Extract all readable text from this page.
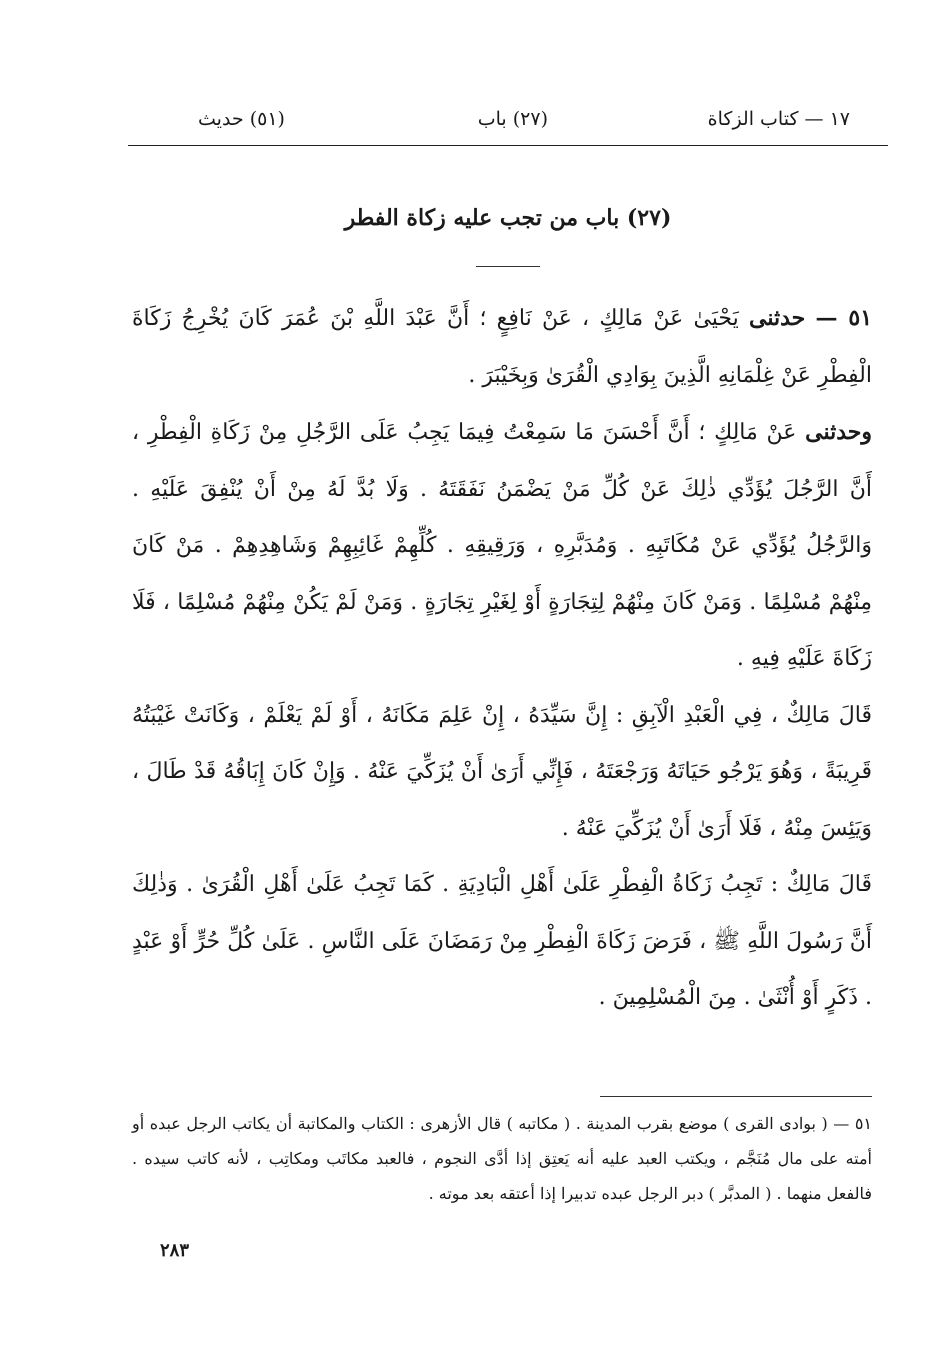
١٧ — كتاب الزكاة
(٢٧) باب
(٥١) حديث
(٢٧) باب من تجب عليه زكاة الفطر

٥١ — حدثنى يَحْيَىٰ عَنْ مَالِكٍ ، عَنْ نَافِعٍ ؛ أَنَّ عَبْدَ اللَّهِ بْنَ عُمَرَ كَانَ يُخْرِجُ زَكَاةَ الْفِطْرِ عَنْ غِلْمَانِهِ الَّذِينَ بِوَادِي الْقُرَىٰ وَبِخَيْبَرَ .

وحدثنى عَنْ مَالِكٍ ؛ أَنَّ أَحْسَنَ مَا سَمِعْتُ فِيمَا يَجِبُ عَلَى الرَّجُلِ مِنْ زَكَاةِ الْفِطْرِ ، أَنَّ الرَّجُلَ يُؤَدِّي ذٰلِكَ عَنْ كُلِّ مَنْ يَضْمَنُ نَفَقَتَهُ . وَلَا بُدَّ لَهُ مِنْ أَنْ يُنْفِقَ عَلَيْهِ . وَالرَّجُلُ يُؤَدِّي عَنْ مُكَاتَبِهِ . وَمُدَبَّرِهِ ، وَرَقِيقِهِ . كُلِّهِمْ غَائِبِهِمْ وَشَاهِدِهِمْ . مَنْ كَانَ مِنْهُمْ مُسْلِمًا . وَمَنْ كَانَ مِنْهُمْ لِتِجَارَةٍ أَوْ لِغَيْرِ تِجَارَةٍ . وَمَنْ لَمْ يَكُنْ مِنْهُمْ مُسْلِمًا ، فَلَا زَكَاةَ عَلَيْهِ فِيهِ .

قَالَ مَالِكٌ ، فِي الْعَبْدِ الْآبِقِ : إِنَّ سَيِّدَهُ ، إِنْ عَلِمَ مَكَانَهُ ، أَوْ لَمْ يَعْلَمْ ، وَكَانَتْ غَيْبَتُهُ قَرِيبَةً ، وَهُوَ يَرْجُو حَيَاتَهُ وَرَجْعَتَهُ ، فَإِنِّي أَرَىٰ أَنْ يُزَكِّيَ عَنْهُ . وَإِنْ كَانَ إِبَاقُهُ قَدْ طَالَ ، وَيَئِسَ مِنْهُ ، فَلَا أَرَىٰ أَنْ يُزَكِّيَ عَنْهُ .

قَالَ مَالِكٌ : تَجِبُ زَكَاةُ الْفِطْرِ عَلَىٰ أَهْلِ الْبَادِيَةِ . كَمَا تَجِبُ عَلَىٰ أَهْلِ الْقُرَىٰ . وَذٰلِكَ أَنَّ رَسُولَ اللَّهِ ﷺ ، فَرَضَ زَكَاةَ الْفِطْرِ مِنْ رَمَضَانَ عَلَى النَّاسِ . عَلَىٰ كُلِّ حُرٍّ أَوْ عَبْدٍ . ذَكَرٍ أَوْ أُنْثَىٰ . مِنَ الْمُسْلِمِينَ .

٥١ — ( بوادى القرى ) موضع بقرب المدينة . ( مكاتبه ) قال الأزهرى : الكتاب والمكاتبة أن يكاتب الرجل عبده أو أمته على مال مُنَجَّم ، ويكتب العبد عليه أنه يَعتِق إذا أدَّى النجوم ، فالعبد مكاتَب ومكاتِب ، لأنه كاتب سيده . فالفعل منهما . ( المدبَّر ) دبر الرجل عبده تدبيرا إذا أعتقه بعد موته .

٢٨٣
